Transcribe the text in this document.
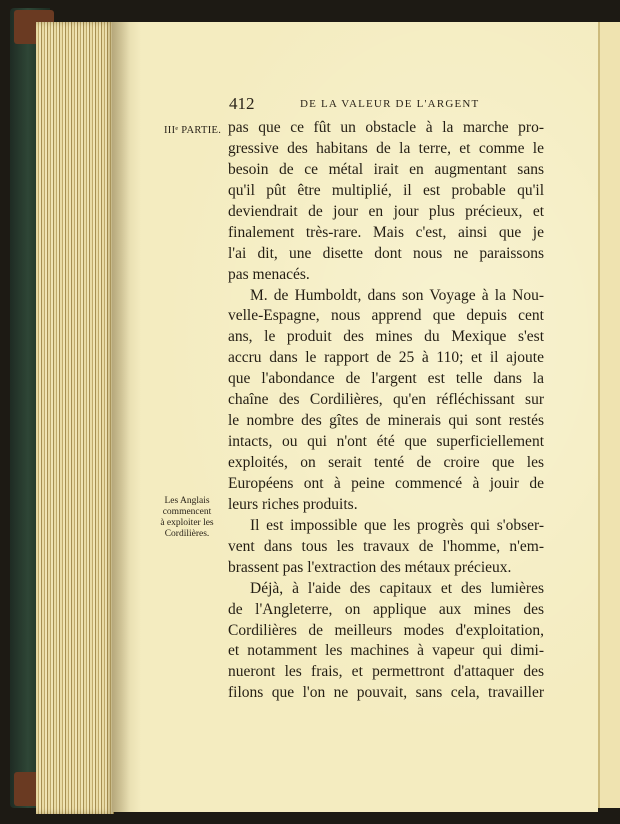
412	DE LA VALEUR DE L'ARGENT
IIIᵉ PARTIE.
Les Anglais
commencent
à exploiter les
Cordilières.
pas que ce fût un obstacle à la marche pro-
gressive des habitans de la terre, et comme le
besoin de ce métal irait en augmentant sans
qu'il pût être multiplié, il est probable qu'il
deviendrait de jour en jour plus précieux, et
finalement très-rare. Mais c'est, ainsi que je
l'ai dit, une disette dont nous ne paraissons
pas menacés.
M. de Humboldt, dans son Voyage à la Nou-
velle-Espagne, nous apprend que depuis cent
ans, le produit des mines du Mexique s'est
accru dans le rapport de 25 à 110; et il ajoute
que l'abondance de l'argent est telle dans la
chaîne des Cordilières, qu'en réfléchissant sur
le nombre des gîtes de minerais qui sont restés
intacts, ou qui n'ont été que superficiellement
exploités, on serait tenté de croire que les
Européens ont à peine commencé à jouir de
leurs riches produits.
Il est impossible que les progrès qui s'obser-
vent dans tous les travaux de l'homme, n'em-
brassent pas l'extraction des métaux précieux.
Déjà, à l'aide des capitaux et des lumières
de l'Angleterre, on applique aux mines des
Cordilières de meilleurs modes d'exploitation,
et notamment les machines à vapeur qui dimi-
nueront les frais, et permettront d'attaquer des
filons que l'on ne pouvait, sans cela, travailler
